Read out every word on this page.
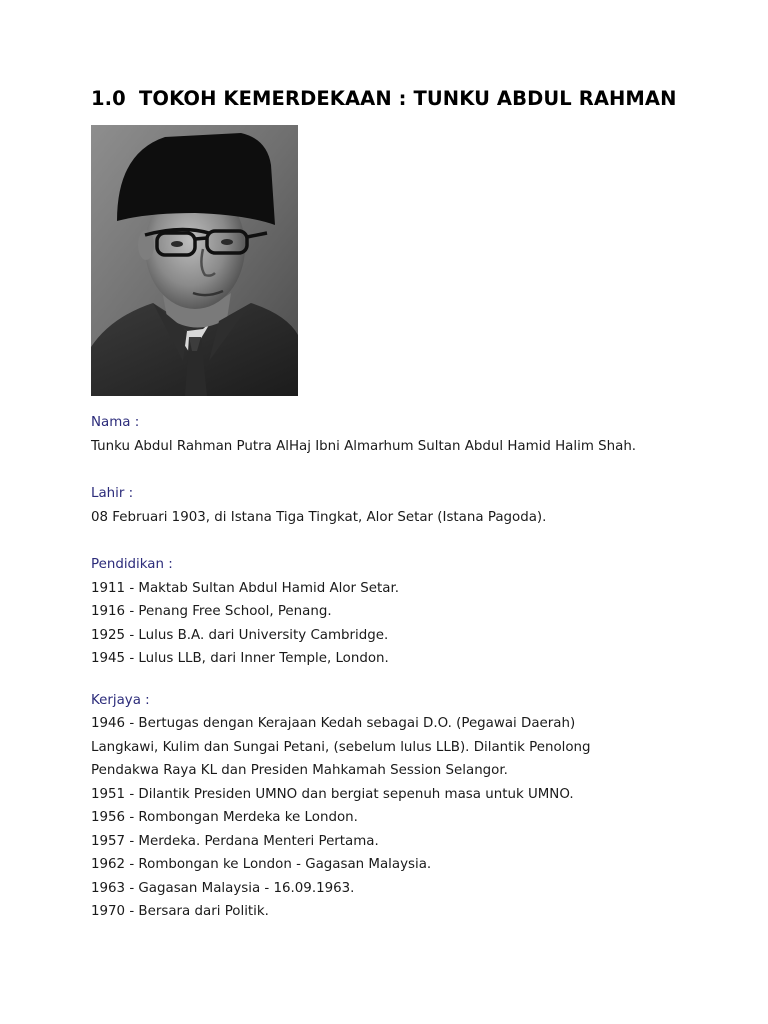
1.0 TOKOH KEMERDEKAAN : TUNKU ABDUL RAHMAN
Nama :
Tunku Abdul Rahman Putra AlHaj Ibni Almarhum Sultan Abdul Hamid Halim Shah.
Lahir :
08 Februari 1903, di Istana Tiga Tingkat, Alor Setar (Istana Pagoda).
Pendidikan :
1911 - Maktab Sultan Abdul Hamid Alor Setar.
1916 - Penang Free School, Penang.
1925 - Lulus B.A. dari University Cambridge.
1945 - Lulus LLB, dari Inner Temple, London.
Kerjaya :
1946 - Bertugas dengan Kerajaan Kedah sebagai D.O. (Pegawai Daerah) Langkawi, Kulim dan Sungai Petani, (sebelum lulus LLB). Dilantik Penolong Pendakwa Raya KL dan Presiden Mahkamah Session Selangor.
1951 - Dilantik Presiden UMNO dan bergiat sepenuh masa untuk UMNO.
1956 - Rombongan Merdeka ke London.
1957 - Merdeka. Perdana Menteri Pertama.
1962 - Rombongan ke London - Gagasan Malaysia.
1963 - Gagasan Malaysia - 16.09.1963.
1970 - Bersara dari Politik.
